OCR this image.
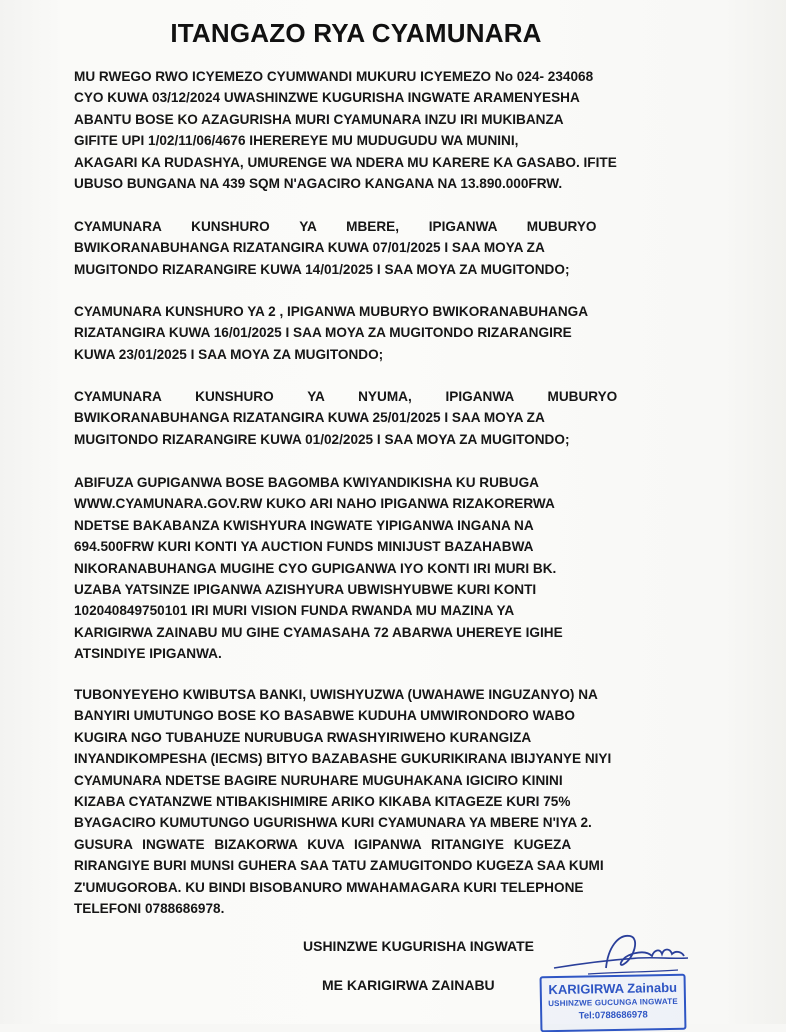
ITANGAZO RYA CYAMUNARA

MU RWEGO RWO ICYEMEZO CYUMWANDI MUKURU ICYEMEZO No 024- 234068
CYO KUWA 03/12/2024 UWASHINZWE KUGURISHA INGWATE ARAMENYESHA
ABANTU BOSE KO AZAGURISHA MURI CYAMUNARA INZU IRI MUKIBANZA
GIFITE UPI 1/02/11/06/4676 IHEREREYE MU MUDUGUDU WA MUNINI,
AKAGARI KA RUDASHYA, UMURENGE WA NDERA MU KARERE KA GASABO. IFITE
UBUSO BUNGANA NA 439 SQM N'AGACIRO KANGANA NA 13.890.000FRW.

CYAMUNARA KUNSHURO YA MBERE, IPIGANWA MUBURYO
BWIKORANABUHANGA RIZATANGIRA KUWA 07/01/2025 I SAA MOYA ZA
MUGITONDO RIZARANGIRE KUWA 14/01/2025 I SAA MOYA ZA MUGITONDO;

CYAMUNARA KUNSHURO YA 2 , IPIGANWA MUBURYO BWIKORANABUHANGA
RIZATANGIRA KUWA 16/01/2025 I SAA MOYA ZA MUGITONDO RIZARANGIRE
KUWA 23/01/2025 I SAA MOYA ZA MUGITONDO;

CYAMUNARA KUNSHURO YA NYUMA, IPIGANWA MUBURYO
BWIKORANABUHANGA RIZATANGIRA KUWA 25/01/2025 I SAA MOYA ZA
MUGITONDO RIZARANGIRE KUWA 01/02/2025 I SAA MOYA ZA MUGITONDO;

ABIFUZA GUPIGANWA BOSE BAGOMBA KWIYANDIKISHA KU RUBUGA
WWW.CYAMUNARA.GOV.RW KUKO ARI NAHO IPIGANWA RIZAKORERWA
NDETSE BAKABANZA KWISHYURA INGWATE YIPIGANWA INGANA NA
694.500FRW KURI KONTI YA AUCTION FUNDS MINIJUST BAZAHABWA
NIKORANABUHANGA MUGIHE CYO GUPIGANWA IYO KONTI IRI MURI BK.
UZABA YATSINZE IPIGANWA AZISHYURA UBWISHYUBWE KURI KONTI
102040849750101 IRI MURI VISION FUNDA RWANDA MU MAZINA YA
KARIGIRWA ZAINABU MU GIHE CYAMASAHA 72 ABARWA UHEREYE IGIHE
ATSINDIYE IPIGANWA.

TUBONYEYEHO KWIBUTSA BANKI, UWISHYUZWA (UWAHAWE INGUZANYO) NA
BANYIRI UMUTUNGO BOSE KO BASABWE KUDUHA UMWIRONDORO WABO
KUGIRA NGO TUBAHUZE NURUBUGA RWASHYIRIWEHO KURANGIZA
INYANDIKOMPESHA (IECMS) BITYO BAZABASHE GUKURIKIRANA IBIJYANYE NIYI
CYAMUNARA NDETSE BAGIRE NURUHARE MUGUHAKANA IGICIRO KININI
KIZABA CYATANZWE NTIBAKISHIMIRE ARIKO KIKABA KITAGEZE KURI 75%
BYAGACIRO KUMUTUNGO UGURISHWA KURI CYAMUNARA YA MBERE N'IYA 2.
GUSURA INGWATE BIZAKORWA KUVA IGIPANWA RITANGIYE KUGEZA
RIRANGIYE BURI MUNSI GUHERA SAA TATU ZAMUGITONDO KUGEZA SAA KUMI
Z'UMUGOROBA. KU BINDI BISOBANURO MWAHAMAGARA KURI TELEPHONE
TELEFONI 0788686978.

USHINZWE KUGURISHA INGWATE
ME KARIGIRWA ZAINABU	KARIGIRWA Zainabu
USHINZWE GUCUNGA INGWATE
Tel:0788686978
